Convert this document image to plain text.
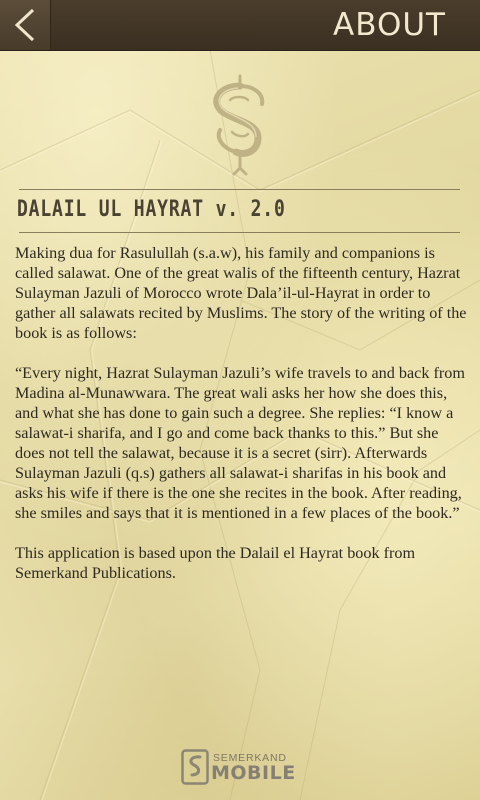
ABOUT
DALAIL UL HAYRAT v. 2.0

Making dua for Rasulullah (s.a.w), his family and companions is called salawat. One of the great walis of the fifteenth century, Hazrat Sulayman Jazuli of Morocco wrote Dala’il-ul-Hayrat in order to gather all salawats recited by Muslims. The story of the writing of the book is as follows:

“Every night, Hazrat Sulayman Jazuli’s wife travels to and back from Madina al-Munawwara. The great wali asks her how she does this, and what she has done to gain such a degree. She replies: “I know a salawat-i sharifa, and I go and come back thanks to this.” But she does not tell the salawat, because it is a secret (sirr). Afterwards Sulayman Jazuli (q.s) gathers all salawat-i sharifas in his book and asks his wife if there is the one she recites in the book. After reading, she smiles and says that it is mentioned in a few places of the book.”

This application is based upon the Dalail el Hayrat book from Semerkand Publications.

SEMERKAND
MOBILE
